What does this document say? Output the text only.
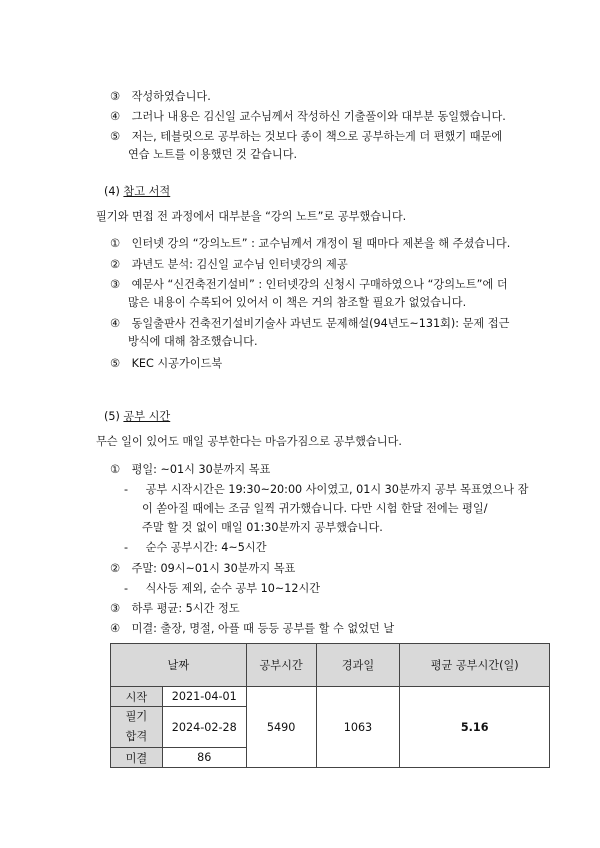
③ 작성하였습니다.
④ 그러나 내용은 김신일 교수님께서 작성하신 기출풀이와 대부분 동일했습니다.
⑤ 저는, 테블릿으로 공부하는 것보다 종이 책으로 공부하는게 더 편했기 때문에
연습 노트를 이용했던 것 같습니다.
(4) 참고 서적
필기와 면접 전 과정에서 대부분을 “강의 노트”로 공부했습니다.
① 인터넷 강의 “강의노트” : 교수님께서 개정이 될 때마다 제본을 해 주셨습니다.
② 과년도 분석: 김신일 교수님 인터넷강의 제공
③ 예문사 “신건축전기설비” : 인터넷강의 신청시 구매하였으나 “강의노트”에 더
많은 내용이 수록되어 있어서 이 책은 거의 참조할 필요가 없었습니다.
④ 동일출판사 건축전기설비기술사 과년도 문제해설(94년도~131회): 문제 접근
방식에 대해 참조했습니다.
⑤ KEC 시공가이드북
(5) 공부 시간
무슨 일이 있어도 매일 공부한다는 마음가짐으로 공부했습니다.
① 평일: ~01시 30분까지 목표
- 공부 시작시간은 19:30~20:00 사이였고, 01시 30분까지 공부 목표였으나 잠
이 쏟아질 때에는 조금 일찍 귀가했습니다. 다만 시험 한달 전에는 평일/
주말 할 것 없이 매일 01:30분까지 공부했습니다.
- 순수 공부시간: 4~5시간
② 주말: 09시~01시 30분까지 목표
- 식사등 제외, 순수 공부 10~12시간
③ 하루 평균: 5시간 정도
④ 미결: 출장, 명절, 아플 때 등등 공부를 할 수 없었던 날
날짜		공부시간	경과일	평균 공부시간(일)
시작	2021-04-01	5490	1063	5.16
필기
합격	2024-02-28			
미결	86			
